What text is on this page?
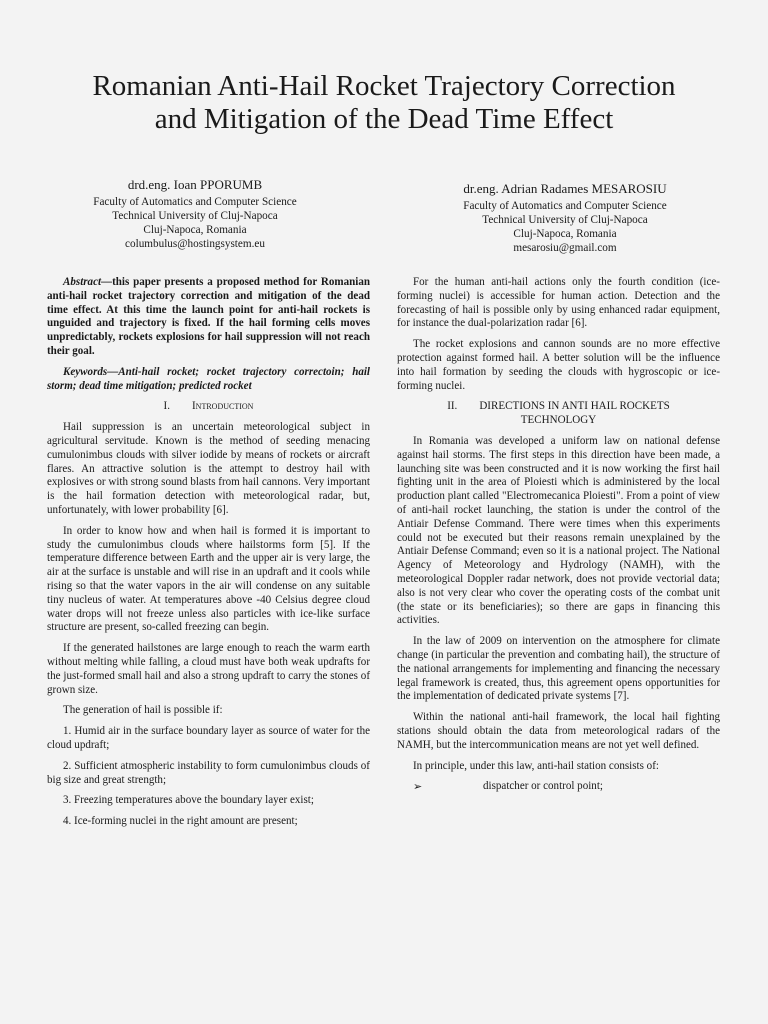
Romanian Anti-Hail Rocket Trajectory Correction
and Mitigation of the Dead Time Effect
drd.eng. Ioan PPORUMB
Faculty of Automatics and Computer Science
Technical University of Cluj-Napoca
Cluj-Napoca, Romania
columbulus@hostingsystem.eu
dr.eng. Adrian Radames MESAROSIU
Faculty of Automatics and Computer Science
Technical University of Cluj-Napoca
Cluj-Napoca, Romania
mesarosiu@gmail.com

Abstract—this paper presents a proposed method for Romanian anti-hail rocket trajectory correction and mitigation of the dead time effect. At this time the launch point for anti-hail rockets is unguided and trajectory is fixed. If the hail forming cells moves unpredictably, rockets explosions for hail suppression will not reach their goal.

Keywords—Anti-hail rocket; rocket trajectory correctoin; hail storm; dead time mitigation; predicted rocket

I. Introduction

Hail suppression is an uncertain meteorological subject in agricultural servitude. Known is the method of seeding menacing cumulonimbus clouds with silver iodide by means of rockets or aircraft flares. An attractive solution is the attempt to destroy hail with explosives or with strong sound blasts from hail cannons. Very important is the hail formation detection with meteorological radar, but, unfortunately, with lower probability [6].

In order to know how and when hail is formed it is important to study the cumulonimbus clouds where hailstorms form [5]. If the temperature difference between Earth and the upper air is very large, the air at the surface is unstable and will rise in an updraft and it cools while rising so that the water vapors in the air will condense on any suitable tiny nucleus of water. At temperatures above -40 Celsius degree cloud water drops will not freeze unless also particles with ice-like surface structure are present, so-called freezing can begin.

If the generated hailstones are large enough to reach the warm earth without melting while falling, a cloud must have both weak updrafts for the just-formed small hail and also a strong updraft to carry the stones of grown size.

The generation of hail is possible if:

1. Humid air in the surface boundary layer as source of water for the cloud updraft;

2. Sufficient atmospheric instability to form cumulonimbus clouds of big size and great strength;

3. Freezing temperatures above the boundary layer exist;

4. Ice-forming nuclei in the right amount are present;

For the human anti-hail actions only the fourth condition (ice-forming nuclei) is accessible for human action. Detection and the forecasting of hail is possible only by using enhanced radar equipment, for instance the dual-polarization radar [6].

The rocket explosions and cannon sounds are no more effective protection against formed hail. A better solution will be the influence into hail formation by seeding the clouds with hygroscopic or ice-forming nuclei.

II. DIRECTIONS IN ANTI HAIL ROCKETS
TECHNOLOGY

In Romania was developed a uniform law on national defense against hail storms. The first steps in this direction have been made, a launching site was been constructed and it is now working the first hail fighting unit in the area of Ploiesti which is administered by the local production plant called "Electromecanica Ploiesti". From a point of view of anti-hail rocket launching, the station is under the control of the Antiair Defense Command. There were times when this experiments could not be executed but their reasons remain unexplained by the Antiair Defense Command; even so it is a national project. The National Agency of Meteorology and Hydrology (NAMH), with the meteorological Doppler radar network, does not provide vectorial data; also is not very clear who cover the operating costs of the combat unit (the state or its beneficiaries); so there are gaps in financing this activities.

In the law of 2009 on intervention on the atmosphere for climate change (in particular the prevention and combating hail), the structure of the national arrangements for implementing and financing the necessary legal framework is created, thus, this agreement opens opportunities for the implementation of dedicated private systems [7].

Within the national anti-hail framework, the local hail fighting stations should obtain the data from meteorological radars of the NAMH, but the intercommunication means are not yet well defined.

In principle, under this law, anti-hail station consists of:

➢	dispatcher or control point;
